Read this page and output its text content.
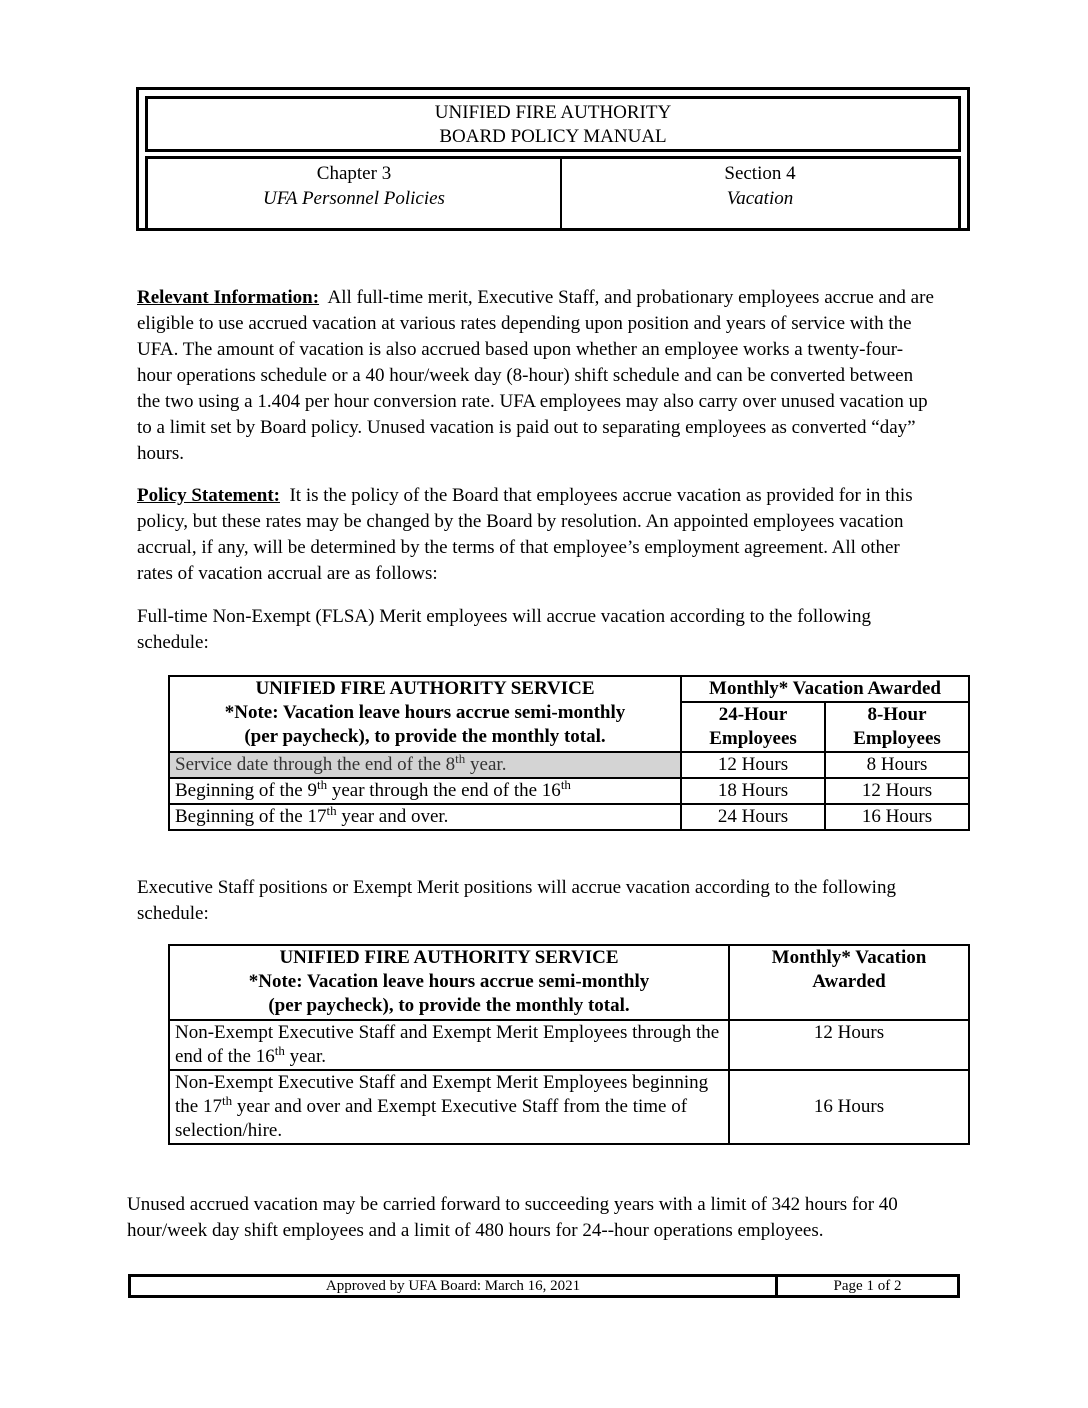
UNIFIED FIRE AUTHORITY
BOARD POLICY MANUAL
Chapter 3
UFA Personnel Policies
Section 4
Vacation
Relevant Information: All full-time merit, Executive Staff, and probationary employees accrue and are eligible to use accrued vacation at various rates depending upon position and years of service with the UFA. The amount of vacation is also accrued based upon whether an employee works a twenty-four-hour operations schedule or a 40 hour/week day (8-hour) shift schedule and can be converted between the two using a 1.404 per hour conversion rate. UFA employees may also carry over unused vacation up to a limit set by Board policy. Unused vacation is paid out to separating employees as converted “day” hours.
Policy Statement: It is the policy of the Board that employees accrue vacation as provided for in this policy, but these rates may be changed by the Board by resolution. An appointed employees vacation accrual, if any, will be determined by the terms of that employee’s employment agreement. All other rates of vacation accrual are as follows:
Full-time Non-Exempt (FLSA) Merit employees will accrue vacation according to the following schedule:
UNIFIED FIRE AUTHORITY SERVICE
*Note: Vacation leave hours accrue semi-monthly
(per paycheck), to provide the monthly total.	Monthly* Vacation Awarded	
	24-Hour Employees	8-Hour Employees
Service date through the end of the 8th year.	12 Hours	8 Hours
Beginning of the 9th year through the end of the 16th	18 Hours	12 Hours
Beginning of the 17th year and over.	24 Hours	16 Hours
Executive Staff positions or Exempt Merit positions will accrue vacation according to the following schedule:
UNIFIED FIRE AUTHORITY SERVICE
*Note: Vacation leave hours accrue semi-monthly
(per paycheck), to provide the monthly total.	Monthly* Vacation Awarded

Non-Exempt Executive Staff and Exempt Merit Employees through the end of the 16th year.	12 Hours
Non-Exempt Executive Staff and Exempt Merit Employees beginning the 17th year and over and Exempt Executive Staff from the time of selection/hire.	16 Hours
Unused accrued vacation may be carried forward to succeeding years with a limit of 342 hours for 40 hour/week day shift employees and a limit of 480 hours for 24--hour operations employees.
Approved by UFA Board: March 16, 2021	Page 1 of 2
